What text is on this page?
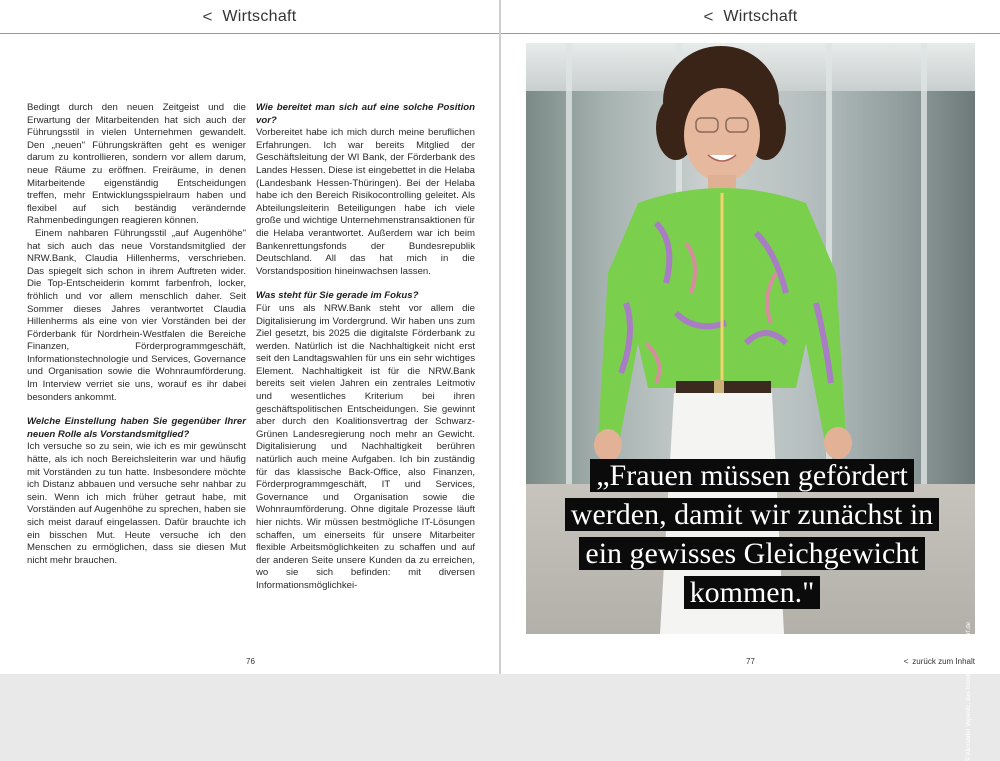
< Wirtschaft

Bedingt durch den neuen Zeitgeist und die Erwartung der Mitarbeitenden hat sich auch der Führungsstil in vielen Unternehmen gewandelt. Den „neuen" Führungskräften geht es weniger darum zu kontrollieren, sondern vor allem darum, neue Räume zu eröffnen. Freiräume, in denen Mitarbeitende eigenständig Entscheidungen treffen, mehr Entwicklungsspielraum haben und flexibel auf sich beständig verändernde Rahmenbedingungen reagieren können.

Einem nahbaren Führungsstil „auf Augenhöhe" hat sich auch das neue Vorstandsmitglied der NRW.Bank, Claudia Hillenherms, verschrieben. Das spiegelt sich schon in ihrem Auftreten wider. Die Top-Entscheiderin kommt farbenfroh, locker, fröhlich und vor allem menschlich daher. Seit Sommer dieses Jahres verantwortet Claudia Hillenherms als eine von vier Vorständen bei der Förderbank für Nordrhein-Westfalen die Bereiche Finanzen, Förderprogrammgeschäft, Informationstechnologie und Services, Governance und Organisation sowie die Wohnraumförderung. Im Interview verriet sie uns, worauf es ihr dabei besonders ankommt.

Welche Einstellung haben Sie gegenüber Ihrer neuen Rolle als Vorstandsmitglied?

Ich versuche so zu sein, wie ich es mir gewünscht hätte, als ich noch Bereichsleiterin war und häufig mit Vorständen zu tun hatte. Insbesondere möchte ich Distanz abbauen und versuche sehr nahbar zu sein. Wenn ich mich früher getraut habe, mit Vorständen auf Augenhöhe zu sprechen, haben sie sich meist darauf eingelassen. Dafür brauchte ich ein bisschen Mut. Heute versuche ich den Menschen zu ermöglichen, dass sie diesen Mut nicht mehr brauchen.

Wie bereitet man sich auf eine solche Position vor?

Vorbereitet habe ich mich durch meine beruflichen Erfahrungen. Ich war bereits Mitglied der Geschäftsleitung der WI Bank, der Förderbank des Landes Hessen. Diese ist eingebettet in die Helaba (Landesbank Hessen-Thüringen). Bei der Helaba habe ich den Bereich Risikocontrolling geleitet. Als Abteilungsleiterin Beteiligungen habe ich viele große und wichtige Unternehmenstransaktionen für die Helaba verantwortet. Außerdem war ich beim Bankenrettungsfonds der Bundesrepublik Deutschland. All das hat mich in die Vorstandsposition hineinwachsen lassen.

Was steht für Sie gerade im Fokus?

Für uns als NRW.Bank steht vor allem die Digitalisierung im Vordergrund. Wir haben uns zum Ziel gesetzt, bis 2025 die digitalste Förderbank zu werden. Natürlich ist die Nachhaltigkeit nicht erst seit den Landtagswahlen für uns ein sehr wichtiges Element. Nachhaltigkeit ist für die NRW.Bank bereits seit vielen Jahren ein zentrales Leitmotiv und wesentliches Kriterium bei ihren geschäftspolitischen Entscheidungen. Sie gewinnt aber durch den Koalitionsvertrag der Schwarz-Grünen Landesregierung noch mehr an Gewicht. Digitalisierung und Nachhaltigkeit berühren natürlich auch meine Aufgaben. Ich bin zuständig für das klassische Back-Office, also Finanzen, Förderprogrammgeschäft, IT und Services, Governance und Organisation sowie die Wohnraumförderung. Ohne digitale Prozesse läuft hier nichts. Wir müssen bestmögliche IT-Lösungen schaffen, um einerseits für unsere Mitarbeiter flexible Arbeitsmöglichkeiten zu schaffen und auf der anderen Seite unsere Kunden da zu erreichen, wo sie sich befinden: mit diversen Informationsmöglichkei-

76
< Wirtschaft
„Frauen müssen gefördert werden, damit wir zunächst in ein gewisses Gleichgewicht kommen."
© Alexander Vejnovic, das-fotostudio-duesseldorf.de
77	< zurück zum Inhalt
